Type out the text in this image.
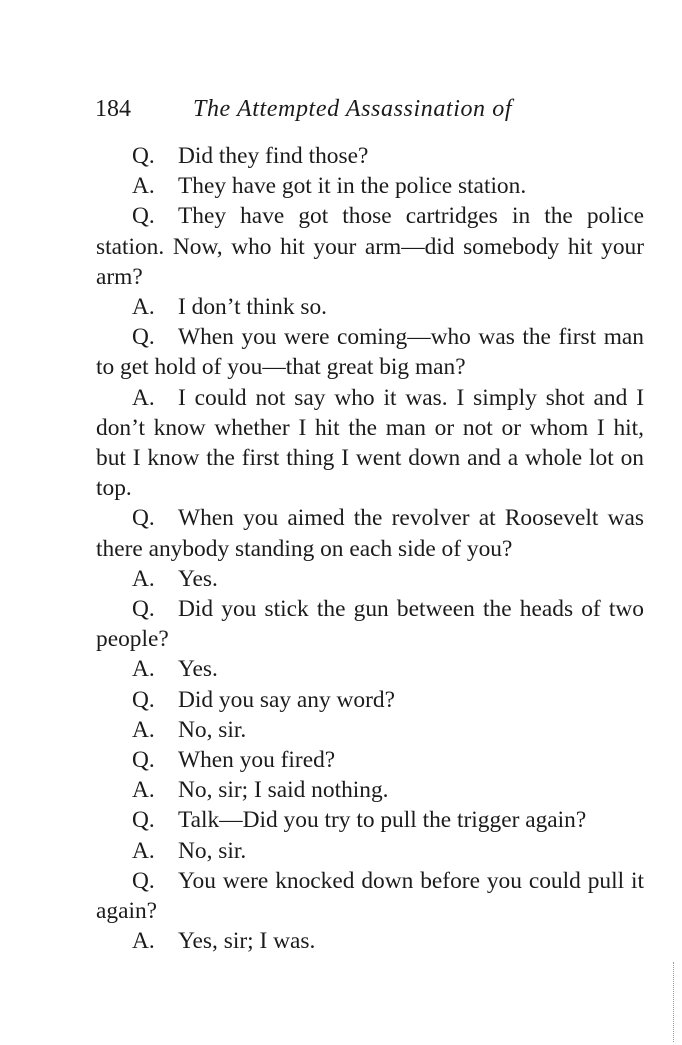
184	The Attempted Assassination of

Q. Did they find those?

A. They have got it in the police station.

Q. They have got those cartridges in the police station. Now, who hit your arm—did somebody hit your arm?

A. I don’t think so.

Q. When you were coming—who was the first man to get hold of you—that great big man?

A. I could not say who it was. I simply shot and I don’t know whether I hit the man or not or whom I hit, but I know the first thing I went down and a whole lot on top.

Q. When you aimed the revolver at Roosevelt was there anybody standing on each side of you?

A. Yes.

Q. Did you stick the gun between the heads of two people?

A. Yes.

Q. Did you say any word?

A. No, sir.

Q. When you fired?

A. No, sir; I said nothing.

Q. Talk—Did you try to pull the trigger again?

A. No, sir.

Q. You were knocked down before you could pull it again?

A. Yes, sir; I was.
